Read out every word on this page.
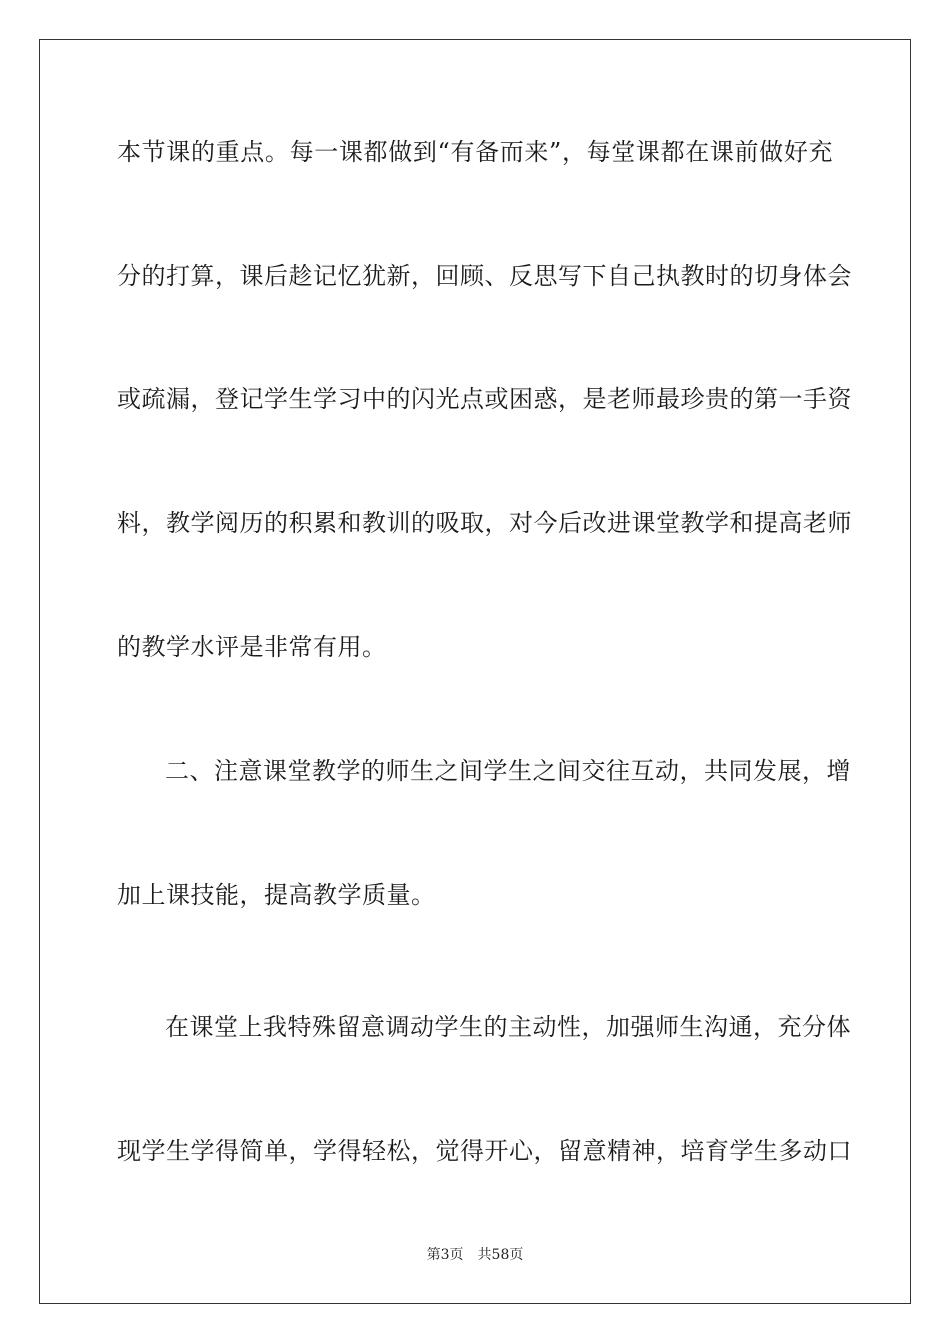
本节课的重点。每一课都做到“有备而来”，每堂课都在课前做好充
分的打算，课后趁记忆犹新，回顾、反思写下自己执教时的切身体会
或疏漏，登记学生学习中的闪光点或困惑，是老师最珍贵的第一手资
料，教学阅历的积累和教训的吸取，对今后改进课堂教学和提高老师
的教学水评是非常有用。
二、注意课堂教学的师生之间学生之间交往互动，共同发展，增
加上课技能，提高教学质量。
在课堂上我特殊留意调动学生的主动性，加强师生沟通，充分体
现学生学得简单，学得轻松，觉得开心，留意精神，培育学生多动口
第3页 共58页
